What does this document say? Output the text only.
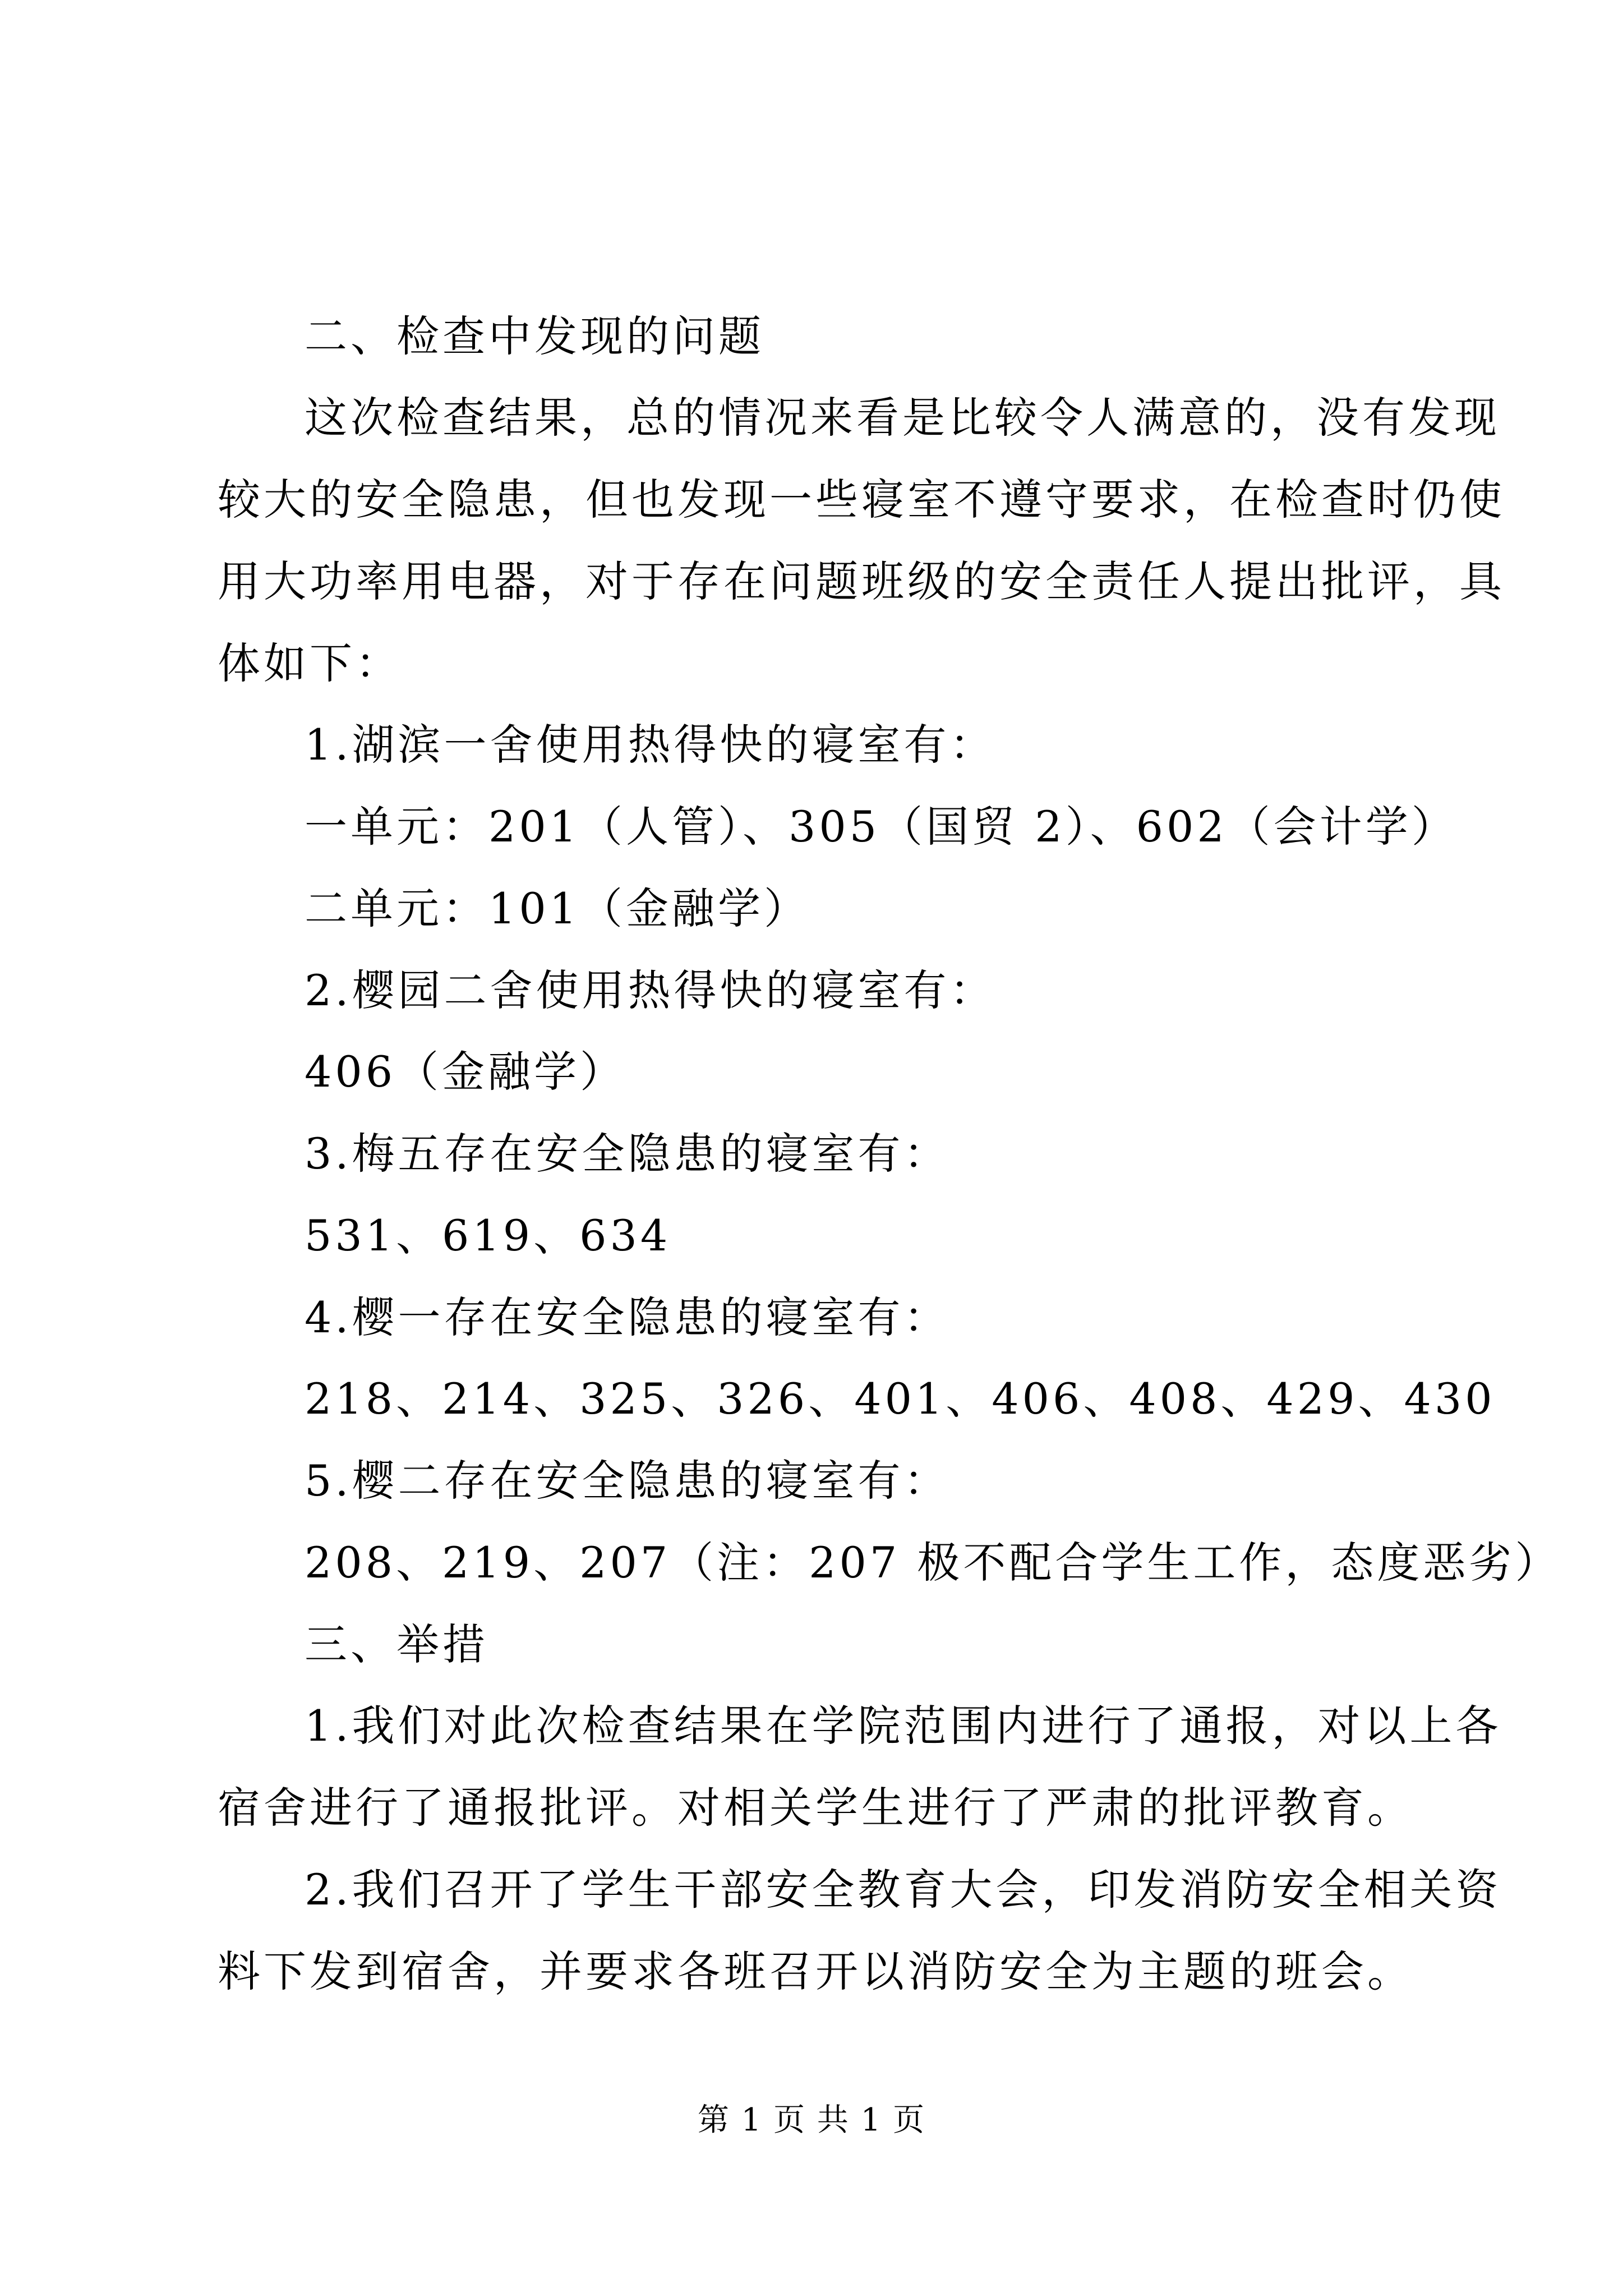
二、检查中发现的问题
这次检查结果，总的情况来看是比较令人满意的，没有发现
较大的安全隐患，但也发现一些寝室不遵守要求，在检查时仍使
用大功率用电器，对于存在问题班级的安全责任人提出批评，具
体如下：
1.湖滨一舍使用热得快的寝室有：
一单元：201（人管）、305（国贸 2）、602（会计学）
二单元：101（金融学）
2.樱园二舍使用热得快的寝室有：
406（金融学）
3.梅五存在安全隐患的寝室有：
531、619、634
4.樱一存在安全隐患的寝室有：
218、214、325、326、401、406、408、429、430
5.樱二存在安全隐患的寝室有：
208、219、207（注：207 极不配合学生工作，态度恶劣）
三、举措
1.我们对此次检查结果在学院范围内进行了通报，对以上各
宿舍进行了通报批评。对相关学生进行了严肃的批评教育。
2.我们召开了学生干部安全教育大会，印发消防安全相关资
料下发到宿舍，并要求各班召开以消防安全为主题的班会。
第 1 页 共 1 页
